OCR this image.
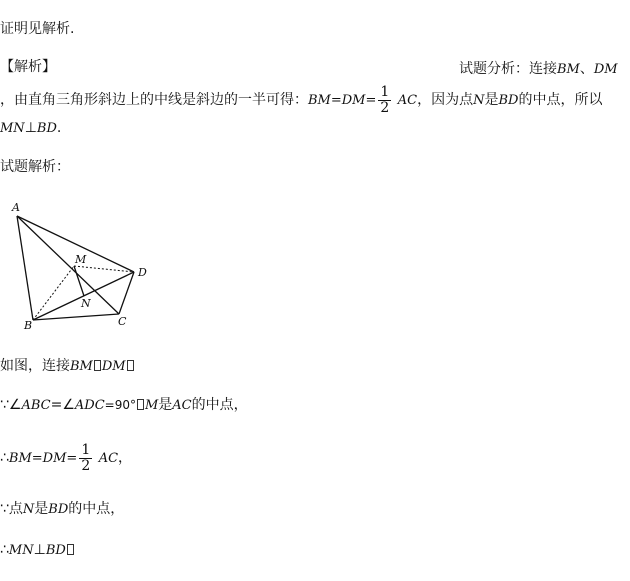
证明见解析.
【解析】	试题分析：连接BM、DM
，由直角三角形斜边上的中线是斜边的一半可得：$BM=DM= \frac{1}{2}$ AC，因为点N是BD的中点，所以
MN⊥BD.
试题解析：
A
B	C
D
M
N
如图，连接BM DM
∵∠ABC=∠ADC=90° M是AC的中点，
∴BM=DM= $\frac{1}{2}$ AC，
∵点N是BD的中点，
∴MN⊥BD
